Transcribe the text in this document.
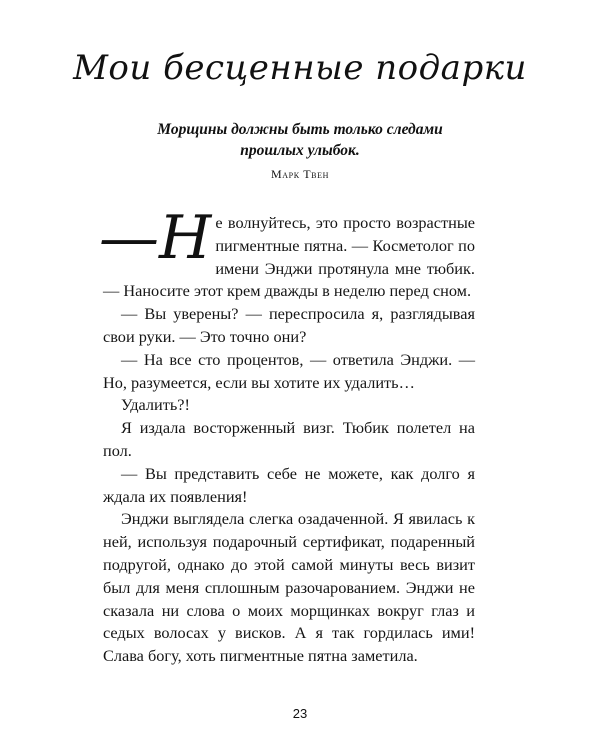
Мои бесценные подарки
Морщины должны быть только следами
прошлых улыбок.
Марк Твен

—Н е волнуйтесь, это просто возрастные пигментные пятна. — Косметолог по имени Энджи протянула мне тюбик. — Наносите этот крем дважды в неделю перед сном.

— Вы уверены? — переспросила я, разглядывая свои руки. — Это точно они?

— На все сто процентов, — ответила Энджи. — Но, разумеется, если вы хотите их удалить…

Удалить?!

Я издала восторженный визг. Тюбик полетел на пол.

— Вы представить себе не можете, как долго я ждала их появления!

Энджи выглядела слегка озадаченной. Я явилась к ней, используя подарочный сертификат, подаренный подругой, однако до этой самой минуты весь визит был для меня сплошным разочарованием. Энджи не сказала ни слова о моих морщинках вокруг глаз и седых волосах у висков. А я так гордилась ими! Слава богу, хоть пигментные пятна заметила.

23
